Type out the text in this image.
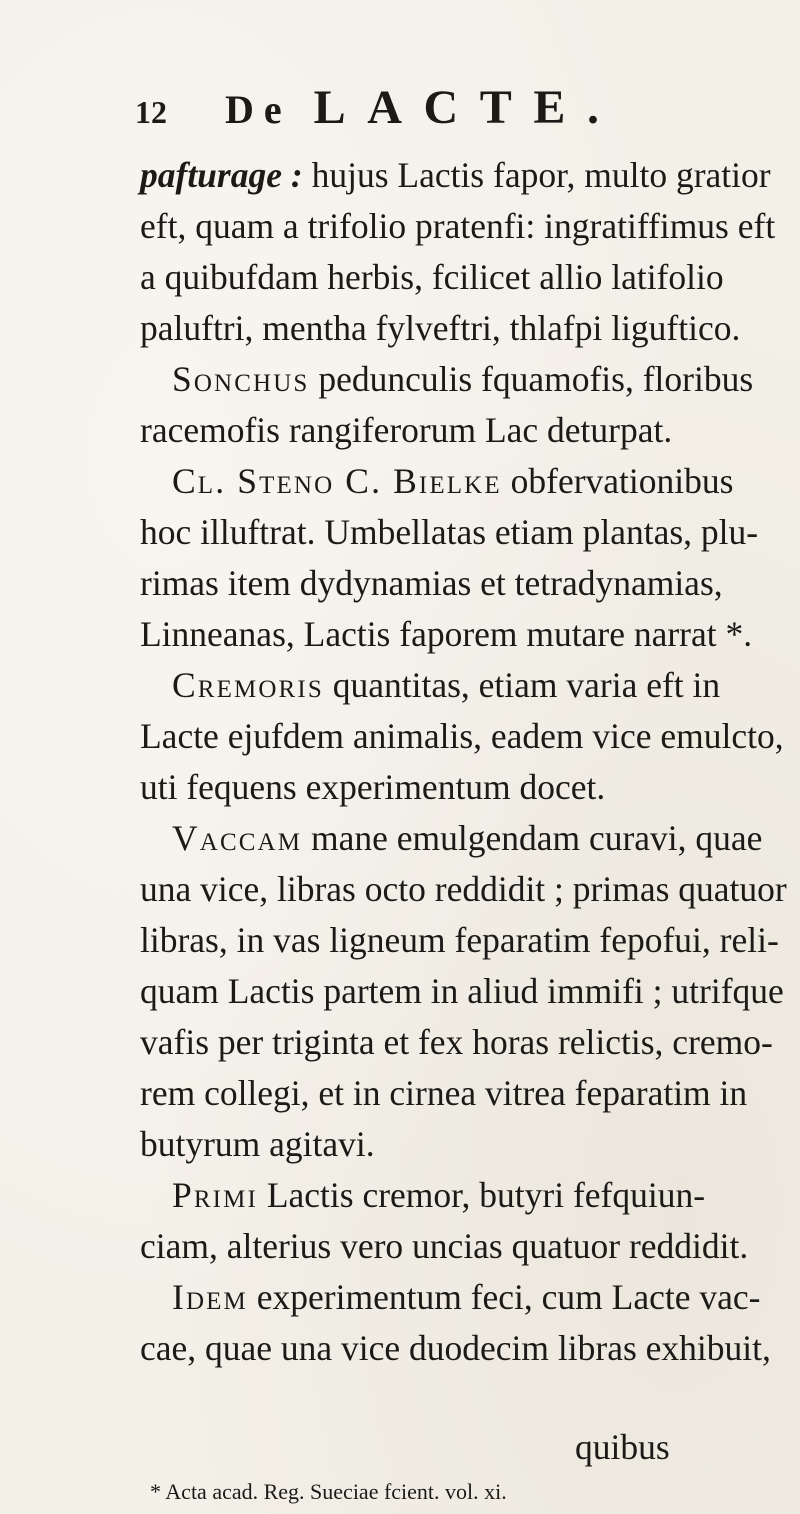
12	De LACTE.
pafturage : hujus Lactis fapor, multo gratior
eft, quam a trifolio pratenfi: ingratiffimus eft
a quibufdam herbis, fcilicet allio latifolio
paluftri, mentha fylveftri, thlafpi liguftico.
Sonchus pedunculis fquamofis, floribus
racemofis rangiferorum Lac deturpat.
Cl. Steno C. Bielke obfervationibus
hoc illuftrat. Umbellatas etiam plantas, plu-
rimas item dydynamias et tetradynamias,
Linneanas, Lactis faporem mutare narrat *.
Cremoris quantitas, etiam varia eft in
Lacte ejufdem animalis, eadem vice emulcto,
uti fequens experimentum docet.
Vaccam mane emulgendam curavi, quae
una vice, libras octo reddidit ; primas quatuor
libras, in vas ligneum feparatim fepofui, reli-
quam Lactis partem in aliud immifi ; utrifque
vafis per triginta et fex horas relictis, cremo-
rem collegi, et in cirnea vitrea feparatim in
butyrum agitavi.
Primi Lactis cremor, butyri fefquiun-
ciam, alterius vero uncias quatuor reddidit.
Idem experimentum feci, cum Lacte vac-
cae, quae una vice duodecim libras exhibuit,
quibus
* Acta acad. Reg. Sueciae fcient. vol. xi.
